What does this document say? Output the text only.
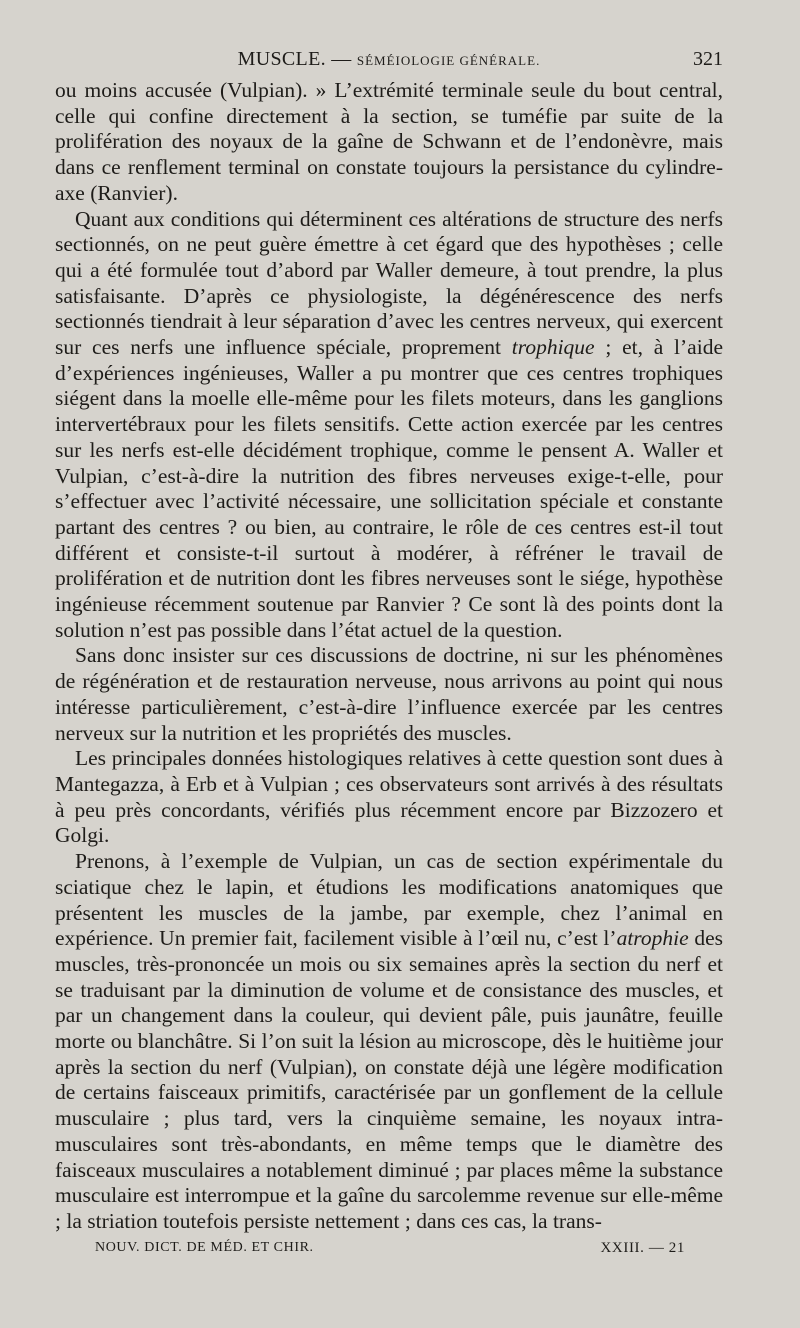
MUSCLE. — SÉMÉIOLOGIE GÉNÉRALE.	321

ou moins accusée (Vulpian). » L’extrémité terminale seule du bout central, celle qui confine directement à la section, se tuméfie par suite de la prolifération des noyaux de la gaîne de Schwann et de l’endonèvre, mais dans ce renflement terminal on constate toujours la persistance du cylindre-axe (Ranvier).

Quant aux conditions qui déterminent ces altérations de structure des nerfs sectionnés, on ne peut guère émettre à cet égard que des hypothèses ; celle qui a été formulée tout d’abord par Waller demeure, à tout prendre, la plus satisfaisante. D’après ce physiologiste, la dégénérescence des nerfs sectionnés tiendrait à leur séparation d’avec les centres nerveux, qui exercent sur ces nerfs une influence spéciale, proprement trophique ; et, à l’aide d’expériences ingénieuses, Waller a pu montrer que ces centres trophiques siégent dans la moelle elle-même pour les filets moteurs, dans les ganglions intervertébraux pour les filets sensitifs. Cette action exercée par les centres sur les nerfs est-elle décidément trophique, comme le pensent A. Waller et Vulpian, c’est-à-dire la nutrition des fibres nerveuses exige-t-elle, pour s’effectuer avec l’activité nécessaire, une sollicitation spéciale et constante partant des centres ? ou bien, au contraire, le rôle de ces centres est-il tout différent et consiste-t-il surtout à modérer, à réfréner le travail de prolifération et de nutrition dont les fibres nerveuses sont le siége, hypothèse ingénieuse récemment soutenue par Ranvier ? Ce sont là des points dont la solution n’est pas possible dans l’état actuel de la question.

Sans donc insister sur ces discussions de doctrine, ni sur les phénomènes de régénération et de restauration nerveuse, nous arrivons au point qui nous intéresse particulièrement, c’est-à-dire l’influence exercée par les centres nerveux sur la nutrition et les propriétés des muscles.

Les principales données histologiques relatives à cette question sont dues à Mantegazza, à Erb et à Vulpian ; ces observateurs sont arrivés à des résultats à peu près concordants, vérifiés plus récemment encore par Bizzozero et Golgi.

Prenons, à l’exemple de Vulpian, un cas de section expérimentale du sciatique chez le lapin, et étudions les modifications anatomiques que présentent les muscles de la jambe, par exemple, chez l’animal en expérience. Un premier fait, facilement visible à l’œil nu, c’est l’atrophie des muscles, très-prononcée un mois ou six semaines après la section du nerf et se traduisant par la diminution de volume et de consistance des muscles, et par un changement dans la couleur, qui devient pâle, puis jaunâtre, feuille morte ou blanchâtre. Si l’on suit la lésion au microscope, dès le huitième jour après la section du nerf (Vulpian), on constate déjà une légère modification de certains faisceaux primitifs, caractérisée par un gonflement de la cellule musculaire ; plus tard, vers la cinquième semaine, les noyaux intra-musculaires sont très-abondants, en même temps que le diamètre des faisceaux musculaires a notablement diminué ; par places même la substance musculaire est interrompue et la gaîne du sarcolemme revenue sur elle-même ; la striation toutefois persiste nettement ; dans ces cas, la trans-

NOUV. DICT. DE MÉD. ET CHIR.	XXIII. — 21
